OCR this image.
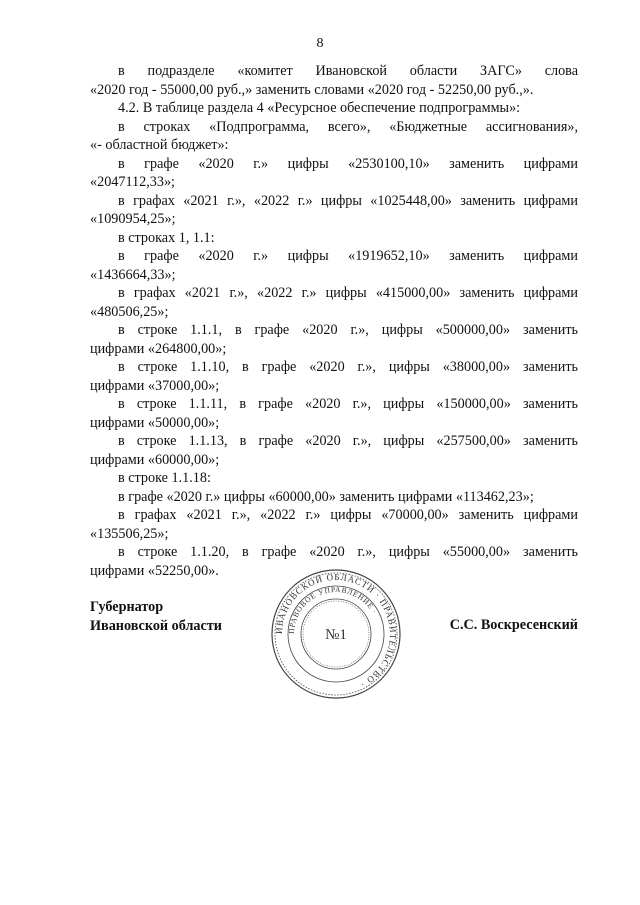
8

в подразделе «комитет Ивановской области ЗАГС» слова

«2020 год - 55000,00 руб.,» заменить словами «2020 год - 52250,00 руб.,».

4.2. В таблице раздела 4 «Ресурсное обеспечение подпрограммы»:

в строках «Подпрограмма, всего», «Бюджетные ассигнования»,

«- областной бюджет»:

в графе «2020 г.» цифры «2530100,10» заменить цифрами

«2047112,33»;

в графах «2021 г.», «2022 г.» цифры «1025448,00» заменить цифрами

«1090954,25»;

в строках 1, 1.1:

в графе «2020 г.» цифры «1919652,10» заменить цифрами

«1436664,33»;

в графах «2021 г.», «2022 г.» цифры «415000,00» заменить цифрами

«480506,25»;

в строке 1.1.1, в графе «2020 г.», цифры «500000,00» заменить

цифрами «264800,00»;

в строке 1.1.10, в графе «2020 г.», цифры «38000,00» заменить

цифрами «37000,00»;

в строке 1.1.11, в графе «2020 г.», цифры «150000,00» заменить

цифрами «50000,00»;

в строке 1.1.13, в графе «2020 г.», цифры «257500,00» заменить

цифрами «60000,00»;

в строке 1.1.18:

в графе «2020 г.» цифры «60000,00» заменить цифрами «113462,23»;

в графах «2021 г.», «2022 г.» цифры «70000,00» заменить цифрами

«135506,25»;

в строке 1.1.20, в графе «2020 г.», цифры «55000,00» заменить

цифрами «52250,00».

Губернатор
Ивановской области	С.С. Воскресенский
ИВАНОВСКОЙ ОБЛАСТИ · ПРАВИТЕЛЬСТВО ·
ПРАВОВОЕ УПРАВЛЕНИЕ ·
№1
